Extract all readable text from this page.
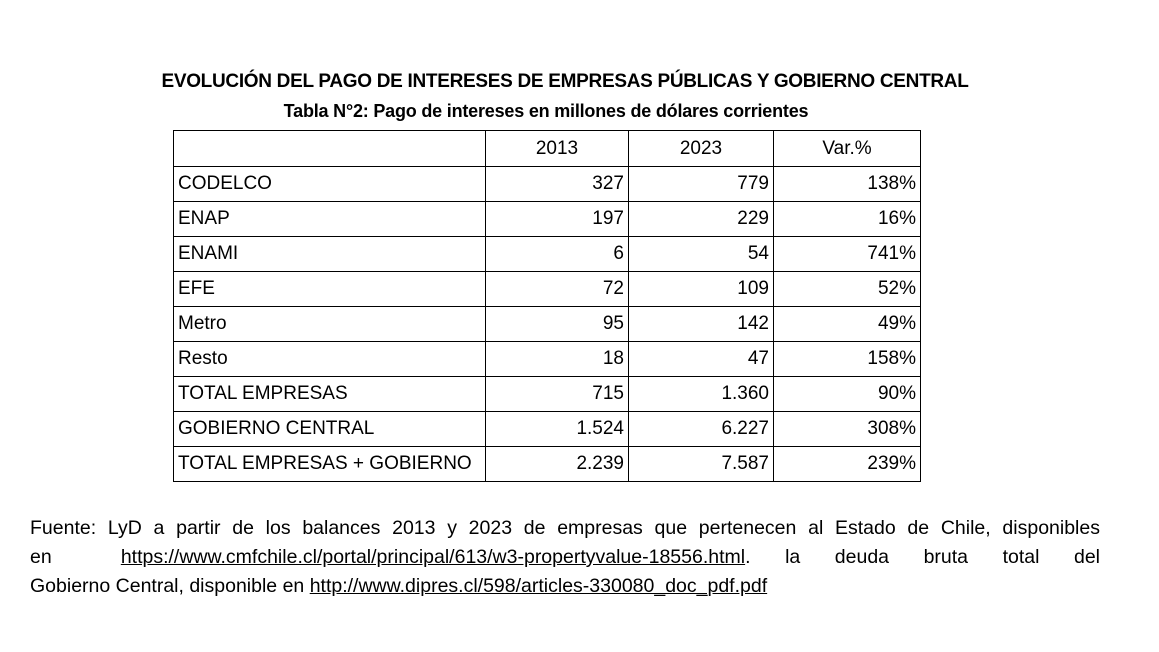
EVOLUCIÓN DEL PAGO DE INTERESES DE EMPRESAS PÚBLICAS Y GOBIERNO CENTRAL
Tabla N°2: Pago de intereses en millones de dólares corrientes
	2013	2023	Var.%
CODELCO	327	779	138%
ENAP	197	229	16%
ENAMI	6	54	741%
EFE	72	109	52%
Metro	95	142	49%
Resto	18	47	158%
TOTAL EMPRESAS	715	1.360	90%
GOBIERNO CENTRAL	1.524	6.227	308%
TOTAL EMPRESAS + GOBIERNO	2.239	7.587	239%
Fuente: LyD a partir de los balances 2013 y 2023 de empresas que pertenecen al Estado de Chile, disponibles
en	https://www.cmfchile.cl/portal/principal/613/w3-propertyvalue-18556.html. la deuda bruta total del
Gobierno Central, disponible en http://www.dipres.cl/598/articles-330080_doc_pdf.pdf
